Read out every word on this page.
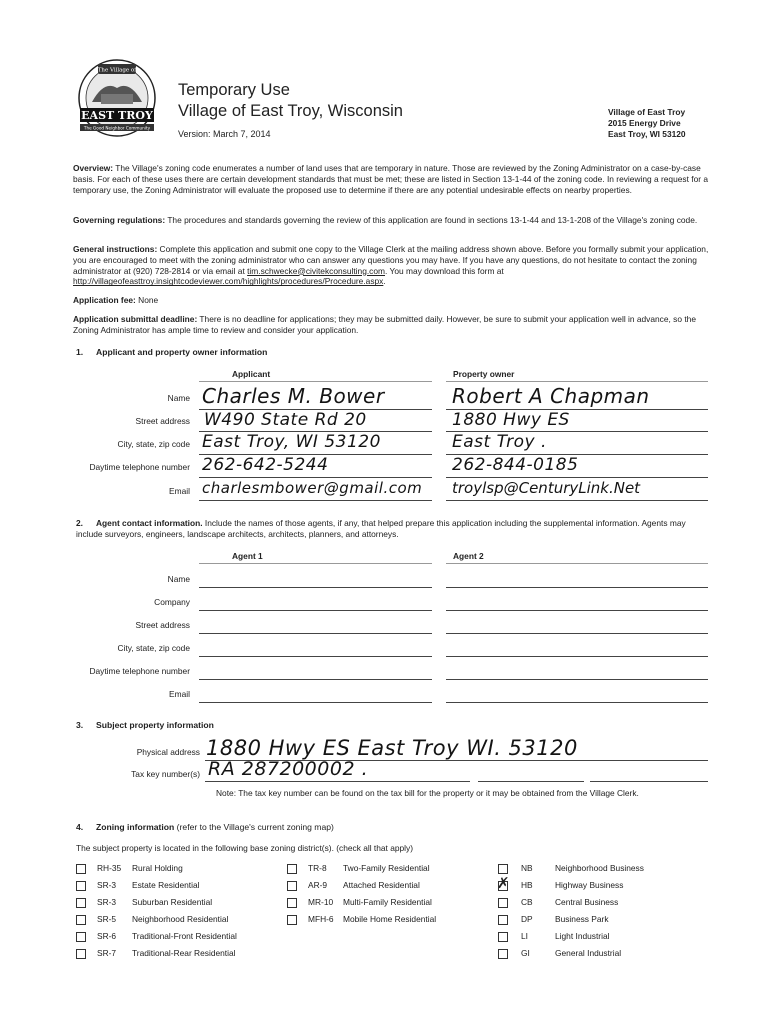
The Village of
EAST TROY
The Good Neighbor Community
Temporary Use
Village of East Troy, Wisconsin
Version: March 7, 2014
Village of East Troy
2015 Energy Drive
East Troy, WI 53120
Overview: The Village's zoning code enumerates a number of land uses that are temporary in nature. Those are reviewed by the Zoning Administrator on a case-by-case basis. For each of these uses there are certain development standards that must be met; these are listed in Section 13-1-44 of the zoning code. In reviewing a request for a temporary use, the Zoning Administrator will evaluate the proposed use to determine if there are any potential undesirable effects on nearby properties.
Governing regulations: The procedures and standards governing the review of this application are found in sections 13-1-44 and 13-1-208 of the Village's zoning code.
General instructions: Complete this application and submit one copy to the Village Clerk at the mailing address shown above. Before you formally submit your application, you are encouraged to meet with the zoning administrator who can answer any questions you may have. If you have any questions, do not hesitate to contact the zoning administrator at (920) 728-2814 or via email at tim.schwecke@civitekconsulting.com. You may download this form at http://villageofeasttroy.insightcodeviewer.com/highlights/procedures/Procedure.aspx.
Application fee: None
Application submittal deadline: There is no deadline for applications; they may be submitted daily. However, be sure to submit your application well in advance, so the Zoning Administrator has ample time to review and consider your application.
1. Applicant and property owner information
Applicant	Property owner
Name Charles M. Bower	Robert A Chapman
Street address W490 State Rd 20	1880 Hwy ES
City, state, zip code East Troy, WI 53120	East Troy .
Daytime telephone number 262-642-5244	262-844-0185
Email charlesmbower@gmail.com troylsp@CenturyLink.Net
2. Agent contact information. Include the names of those agents, if any, that helped prepare this application including the supplemental information. Agents may include surveyors, engineers, landscape architects, architects, planners, and attorneys.
Agent 1	Agent 2
Name
Company
Street address
City, state, zip code
Daytime telephone number
Email
3. Subject property information
Physical address 1880 Hwy ES East Troy WI. 53120
Tax key number(s) RA 287200002 .
Note: The tax key number can be found on the tax bill for the property or it may be obtained from the Village Clerk.
4. Zoning information (refer to the Village's current zoning map)
The subject property is located in the following base zoning district(s). (check all that apply)
RH-35 Rural Holding
SR-3 Estate Residential
SR-3 Suburban Residential
SR-5 Neighborhood Residential
SR-6 Traditional-Front Residential
SR-7 Traditional-Rear Residential
TR-8 Two-Family Residential
AR-9 Attached Residential
MR-10 Multi-Family Residential
MFH-6 Mobile Home Residential
NB	Neighborhood Business
✗ HB	Highway Business
CB	Central Business
DP	Business Park
LI	Light Industrial
GI	General Industrial
